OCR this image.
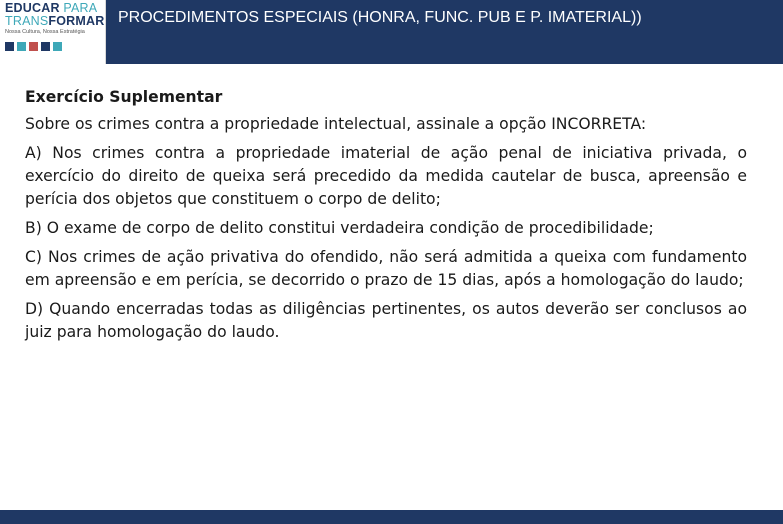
EDUCAR PARA
TRANSFORMAR
Nossa Cultura, Nossa Estratégia
PROCEDIMENTOS ESPECIAIS (HONRA, FUNC. PUB E P. IMATERIAL))

Exercício Suplementar

Sobre os crimes contra a propriedade intelectual, assinale a opção INCORRETA:

A) Nos crimes contra a propriedade imaterial de ação penal de iniciativa privada, o exercício do direito de queixa será precedido da medida cautelar de busca, apreensão e perícia dos objetos que constituem o corpo de delito;

B) O exame de corpo de delito constitui verdadeira condição de procedibilidade;

C) Nos crimes de ação privativa do ofendido, não será admitida a queixa com fundamento em apreensão e em perícia, se decorrido o prazo de 15 dias, após a homologação do laudo;

D) Quando encerradas todas as diligências pertinentes, os autos deverão ser conclusos ao juiz para homologação do laudo.
